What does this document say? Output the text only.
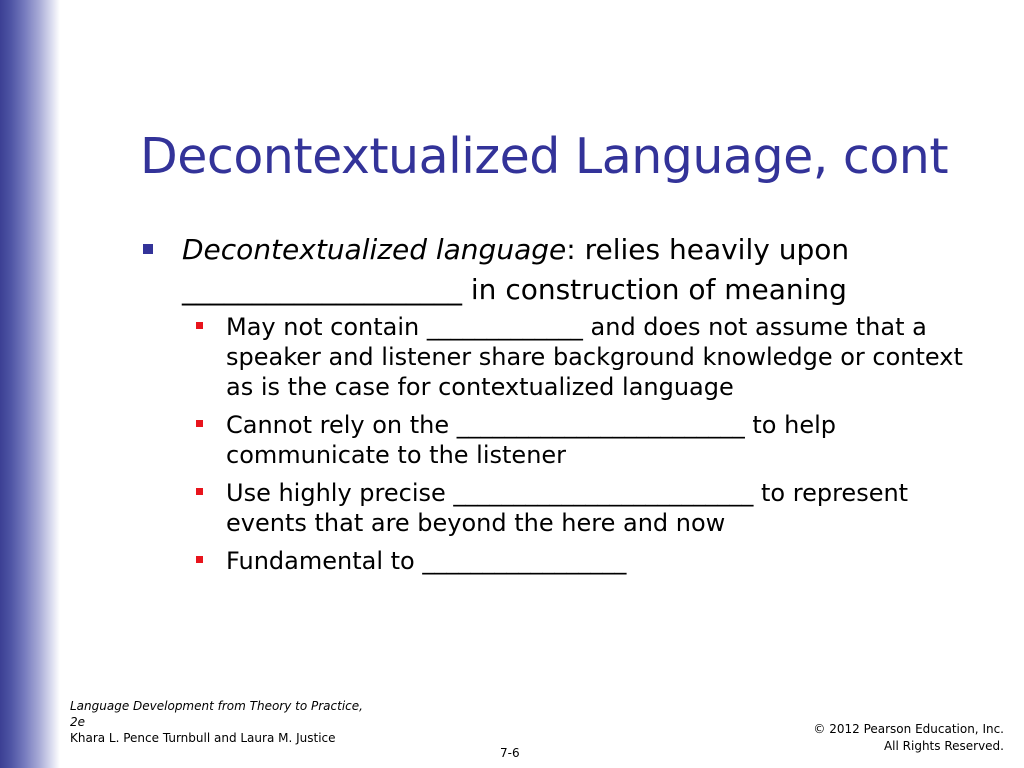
Decontextualized Language, cont
Decontextualized language: relies heavily upon ____________________ in construction of meaning
May not contain _____________ and does not assume that a speaker and listener share background knowledge or context as is the case for contextualized language
Cannot rely on the ________________________ to help communicate to the listener
Use highly precise _________________________ to represent events that are beyond the here and now
Fundamental to _________________
Language Development from Theory to Practice, 2e
Khara L. Pence Turnbull and Laura M. Justice
7-6
© 2012 Pearson Education, Inc.
All Rights Reserved.
